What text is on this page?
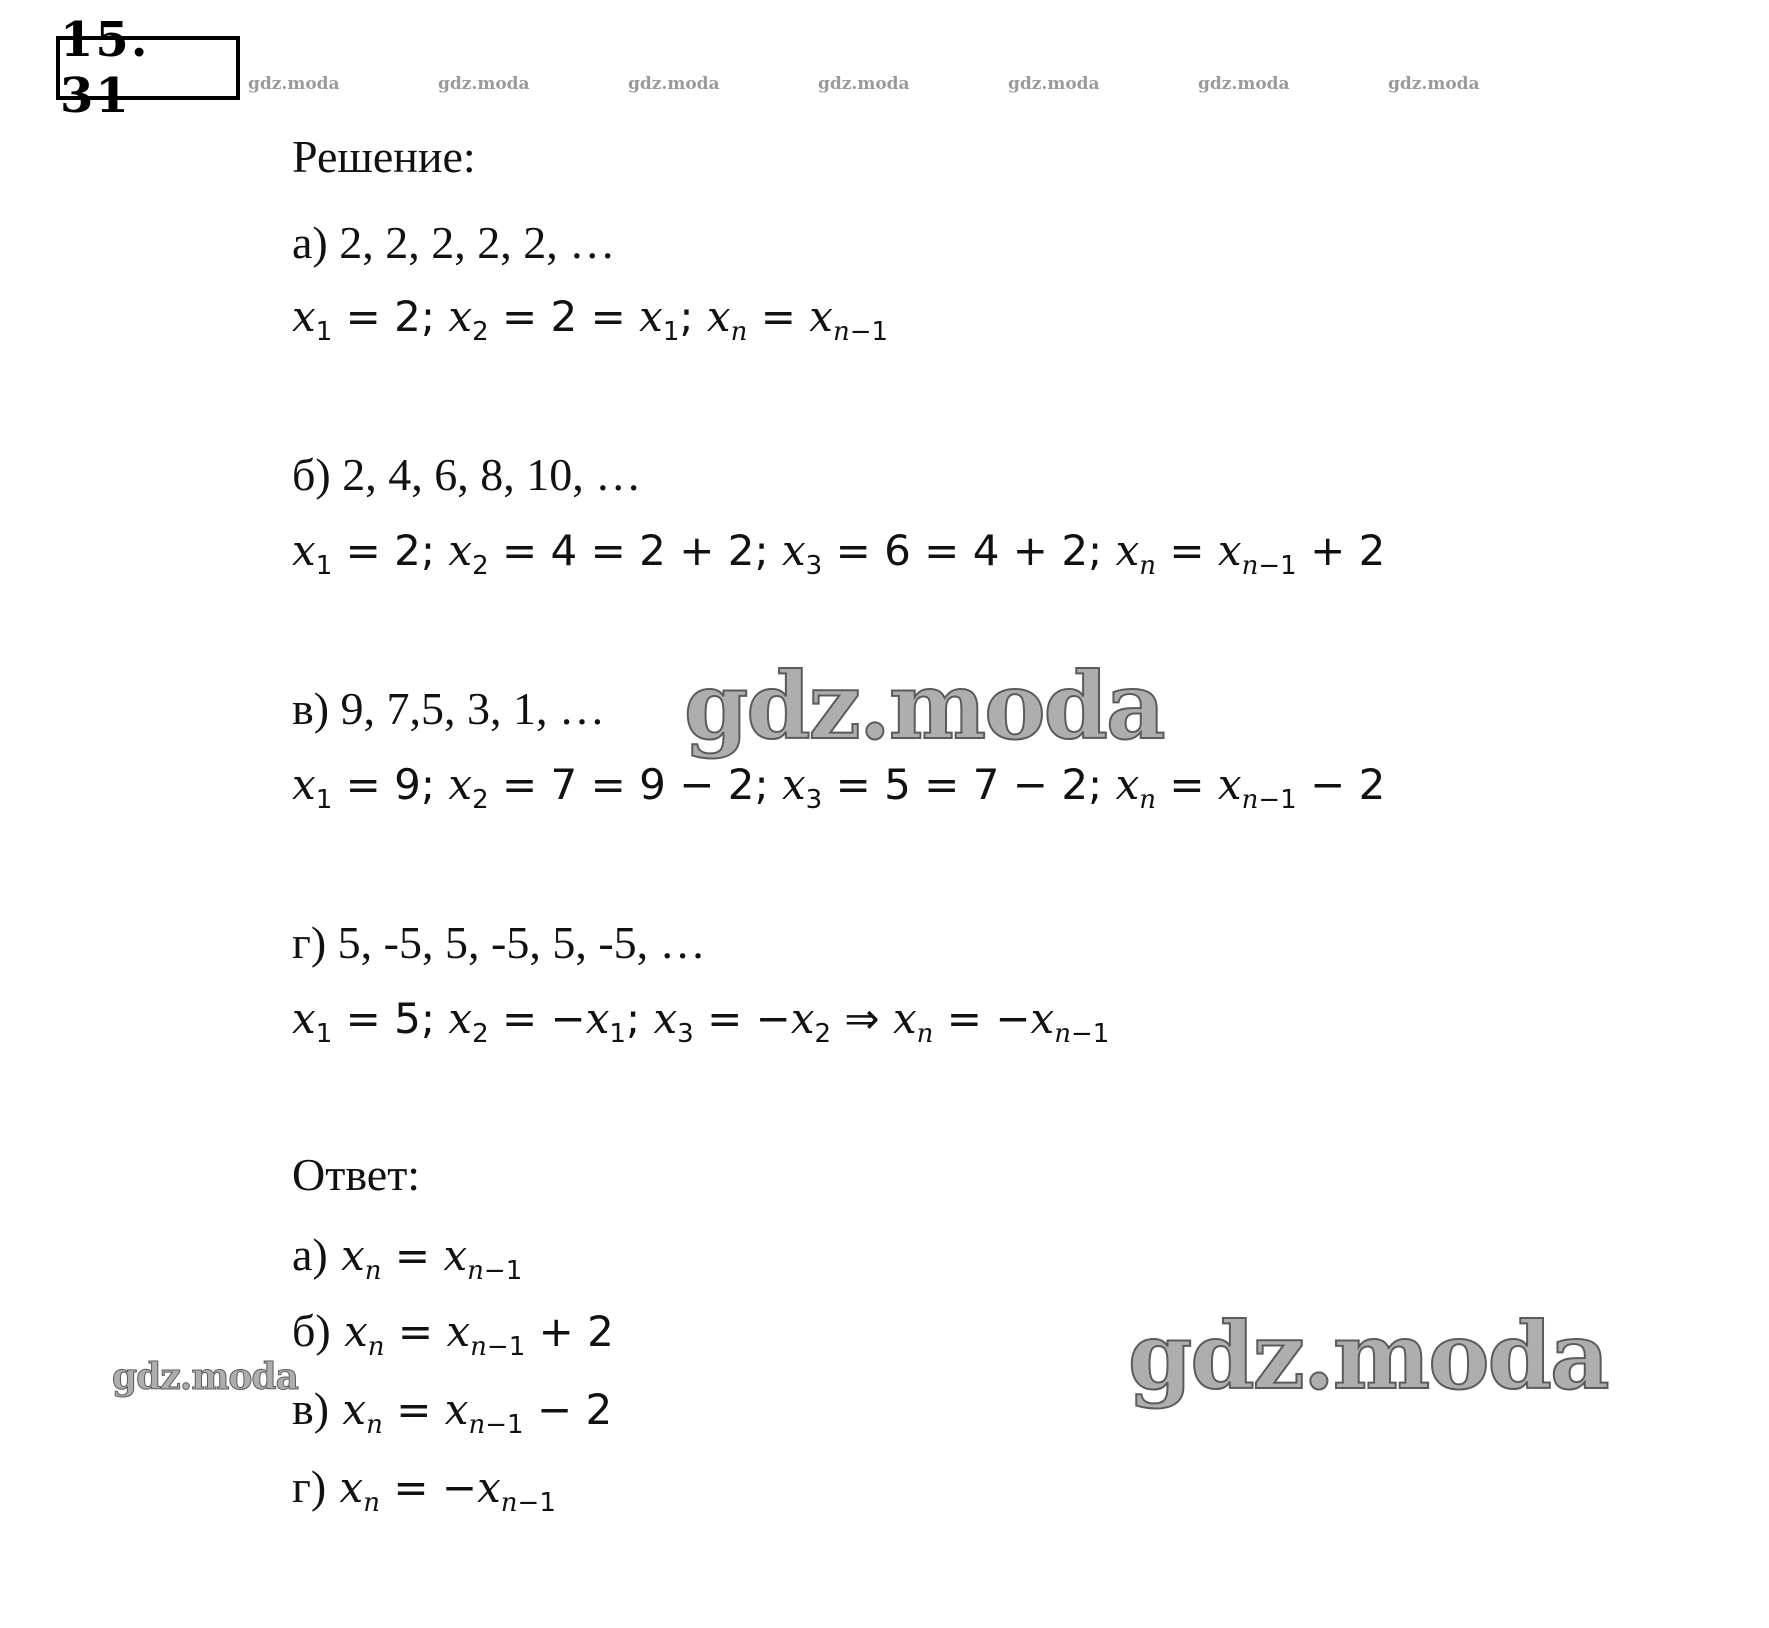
15. 31	gdz.moda	gdz.moda	gdz.moda	gdz.moda	gdz.moda	gdz.moda	gdz.moda
Решение:
а) 2, 2, 2, 2, 2, …
$x_1 = 2$; $x_2 = 2 = x_1$; $x_n = x_{n-1}$
б) 2, 4, 6, 8, 10, …
$x_1 = 2$; $x_2 = 4 = 2 + 2$; $x_3 = 6 = 4 + 2$; $x_n = x_{n-1} + 2$
в) 9, 7,5, 3, 1, …
$x_1 = 9$; $x_2 = 7 = 9 - 2$; $x_3 = 5 = 7 - 2$; $x_n = x_{n-1} - 2$
г) 5, -5, 5, -5, 5, -5, …
$x_1 = 5$; $x_2 = -x_1$; $x_3 = -x_2$ ⇒ $x_n = -x_{n-1}$
Ответ:
а) $x_n = x_{n-1}$
б) $x_n = x_{n-1} + 2$
в) $x_n = x_{n-1} - 2$
г) $x_n = -x_{n-1}$
gdz.moda
gdz.moda
gdz.moda
